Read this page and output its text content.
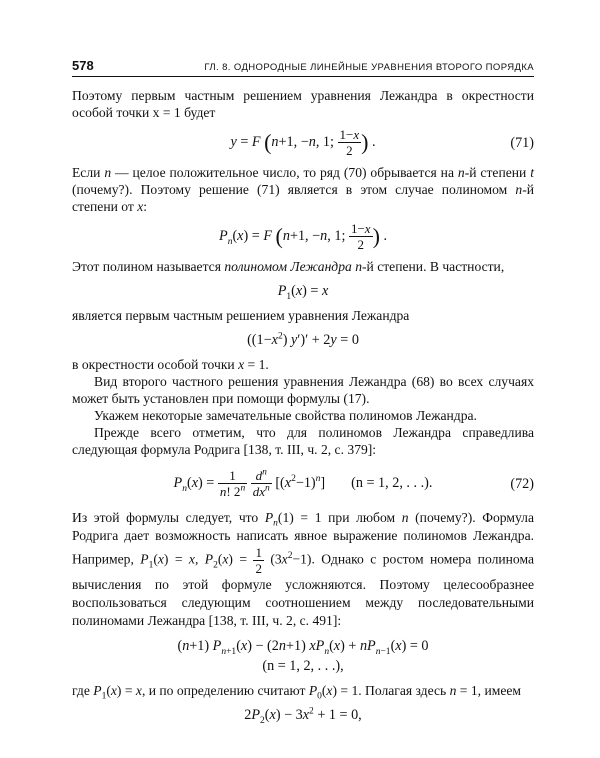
578	ГЛ. 8. ОДНОРОДНЫЕ ЛИНЕЙНЫЕ УРАВНЕНИЯ ВТОРОГО ПОРЯДКА

Поэтому первым частным решением уравнения Лежандра в окрестности особой точки x = 1 будет

y = F (n+1, −n, 1; $\frac{1-x}{2}$ ) .	(71)

Если n — целое положительное число, то ряд (70) обрывается на n-й степени t (почему?). Поэтому решение (71) является в этом случае полиномом n-й степени от x:

$P_n(x) = F$ (n+1, −n, 1; $\frac{1-x}{2}$ ) .

Этот полином называется полиномом Лежандра n-й степени. В частности,

$P_1(x) = x$

является первым частным решением уравнения Лежандра

$((1-x^2) y')' + 2y = 0$

в окрестности особой точки x = 1.

Вид второго частного решения уравнения Лежандра (68) во всех случаях может быть установлен при помощи формулы (17).

Укажем некоторые замечательные свойства полиномов Лежандра.

Прежде всего отметим, что для полиномов Лежандра справедлива следующая формула Родрига [138, т. III, ч. 2, с. 379]:

$P_n(x) = \frac{1}{n! 2^n}$
$\frac{d^n}{dx^n} [(x^2-1)^n] (n = 1$, 2, . . .).	(72)

Из этой формулы следует, что $P_n(1) = 1$ при любом n (почему?). Формула Родрига дает возможность написать явное выражение полиномов Лежандра. Например, $P_1(x) = x$, $P_2(x) = \frac{1}{2} (3x^2-1)$. Однако с ростом номера полинома вычисления по этой формуле усложняются. Поэтому целесообразнее воспользоваться следующим соотношением между последовательными полиномами Лежандра [138, т. III, ч. 2, с. 491]:

(n+1) $P_{n+1}(x) - (2n+1) xP_n(x) + nP_{n-1}(x) = 0$
(n = 1, 2, . . .),

где $P_1(x) = x$, и по определению считают $P_0(x) = 1$. Полагая здесь n = 1, имеем

$2P_2(x) - 3x^2 + 1 = 0$,
